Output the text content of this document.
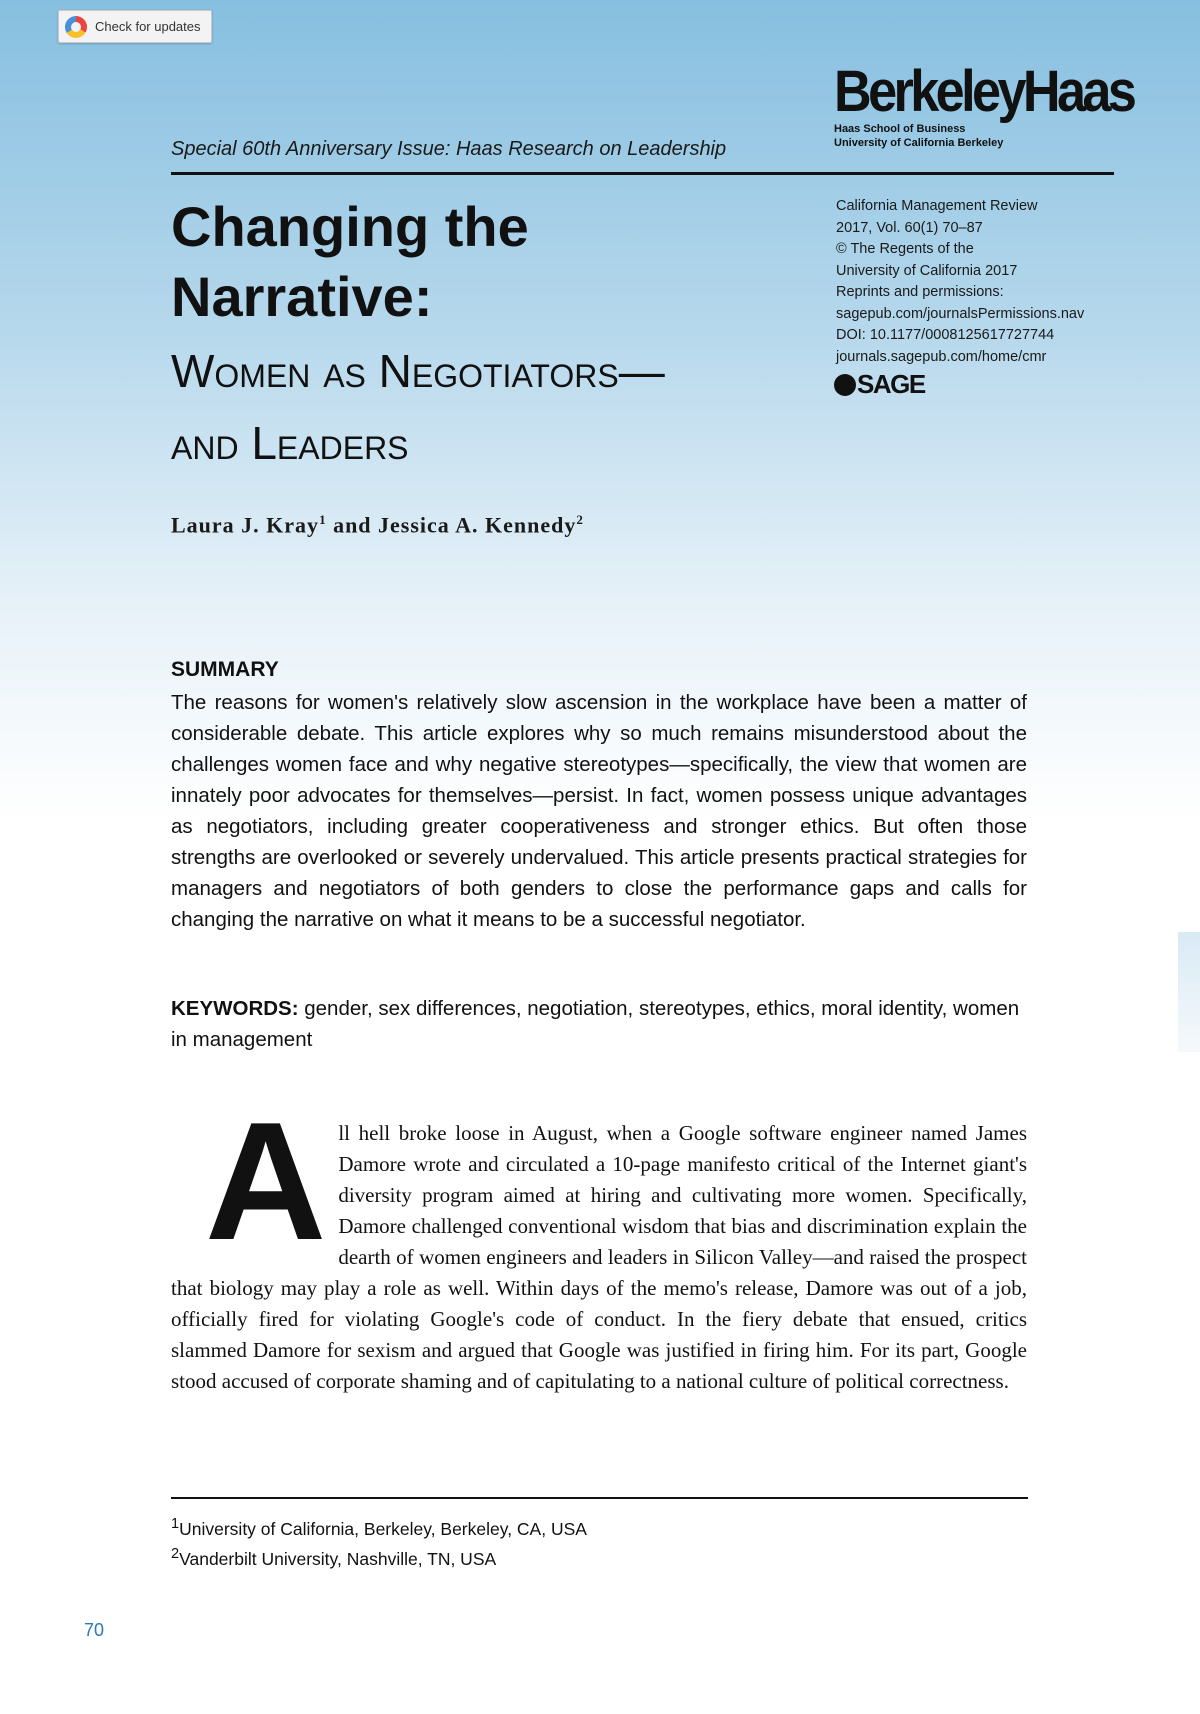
Check for updates
BerkeleyHaas
Haas School of Business
University of California Berkeley
Special 60th Anniversary Issue: Haas Research on Leadership
Changing the
Narrative:
Women as Negotiators—
and Leaders
California Management Review
2017, Vol. 60(1) 70–87
© The Regents of the
University of California 2017
Reprints and permissions:
sagepub.com/journalsPermissions.nav
DOI: 10.1177/0008125617727744
journals.sagepub.com/home/cmr
SAGE
Laura J. Kray$^1$ and Jessica A. Kennedy$^2$
SUMMARY

The reasons for women's relatively slow ascension in the workplace have been a matter of considerable debate. This article explores why so much remains misunderstood about the challenges women face and why negative stereotypes—specifically, the view that women are innately poor advocates for themselves—persist. In fact, women possess unique advantages as negotiators, including greater cooperativeness and stronger ethics. But often those strengths are overlooked or severely undervalued. This article presents practical strategies for managers and negotiators of both genders to close the performance gaps and calls for changing the narrative on what it means to be a successful negotiator.

KEYWORDS: gender, sex differences, negotiation, stereotypes, ethics, moral identity, women in management

All hell broke loose in August, when a Google software engineer named James Damore wrote and circulated a 10-page manifesto critical of the Internet giant's diversity program aimed at hiring and cultivating more women. Specifically, Damore challenged conventional wisdom that bias and discrimination explain the dearth of women engineers and leaders in Silicon Valley—and raised the prospect that biology may play a role as well. Within days of the memo's release, Damore was out of a job, officially fired for violating Google's code of conduct. In the fiery debate that ensued, critics slammed Damore for sexism and argued that Google was justified in firing him. For its part, Google stood accused of corporate shaming and of capitulating to a national culture of political correctness.

$^1$University of California, Berkeley, Berkeley, CA, USA
$^2$Vanderbilt University, Nashville, TN, USA
70
